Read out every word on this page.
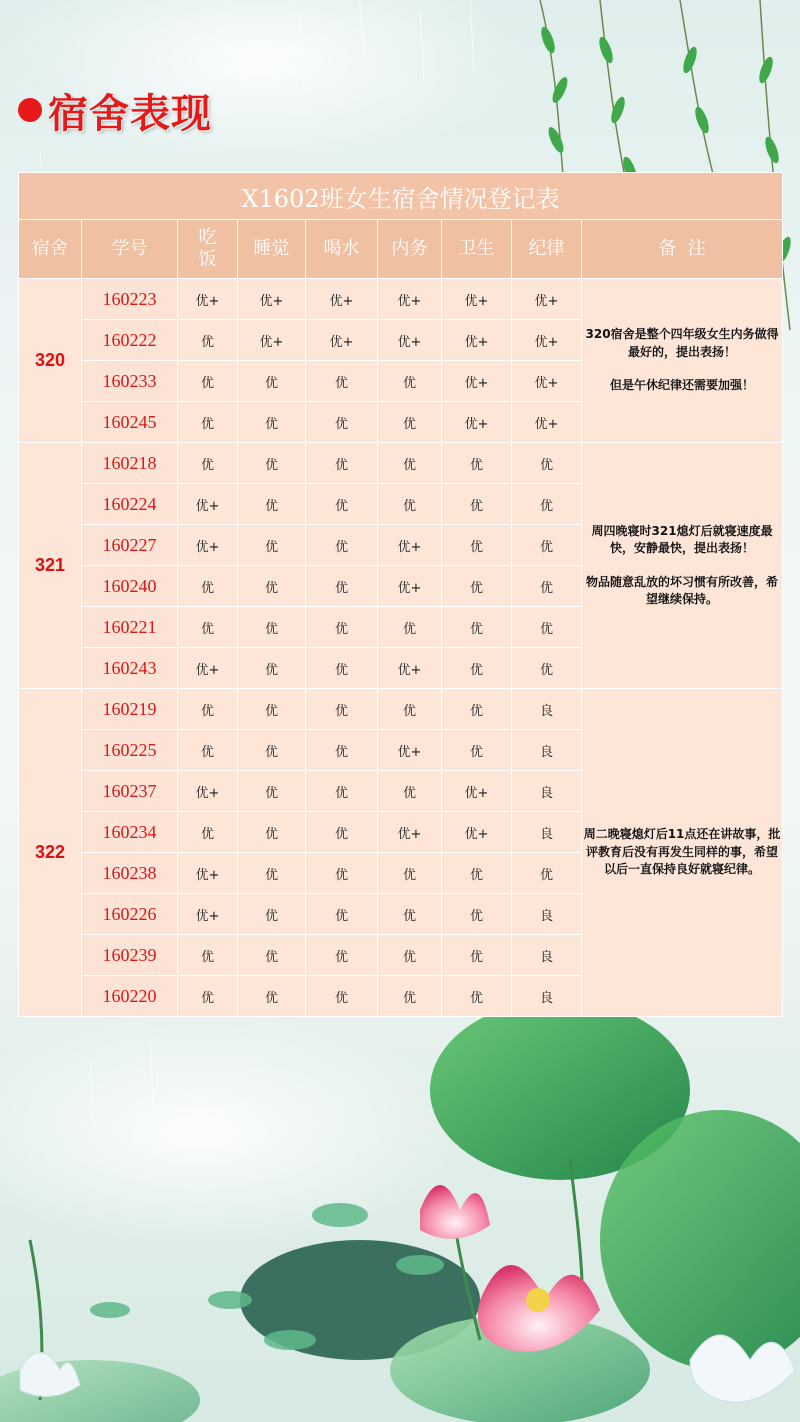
宿舍表现
X1602班女生宿舍情况登记表								
宿舍	学号	吃饭	睡觉	喝水	内务	卫生	纪律	备  注
320	160223	优+	优+	优+	优+	优+	优+	320宿舍是整个四年级女生内务做得最好的，提出表扬！
但是午休纪律还需要加强！

	160222	优	优+	优+	优+	优+	优+	
	160233	优	优	优	优	优+	优+	
	160245	优	优	优	优	优+	优+	
321	160218	优	优	优	优	优	优	周四晚寝时321熄灯后就寝速度最快，安静最快，提出表扬！
物品随意乱放的坏习惯有所改善，希望继续保持。

	160224	优+	优	优	优	优	优	
	160227	优+	优	优	优+	优	优	
	160240	优	优	优	优+	优	优	
	160221	优	优	优	优	优	优	
	160243	优+	优	优	优+	优	优	
322	160219	优	优	优	优	优	良	周二晚寝熄灯后11点还在讲故事，批评教育后没有再发生同样的事，希望以后一直保持良好就寝纪律。

	160225	优	优	优	优+	优	良	
	160237	优+	优	优	优	优+	良	
	160234	优	优	优	优+	优+	良	
	160238	优+	优	优	优	优	优	
	160226	优+	优	优	优	优	良	
	160239	优	优	优	优	优	良	
	160220	优	优	优	优	优	良	
